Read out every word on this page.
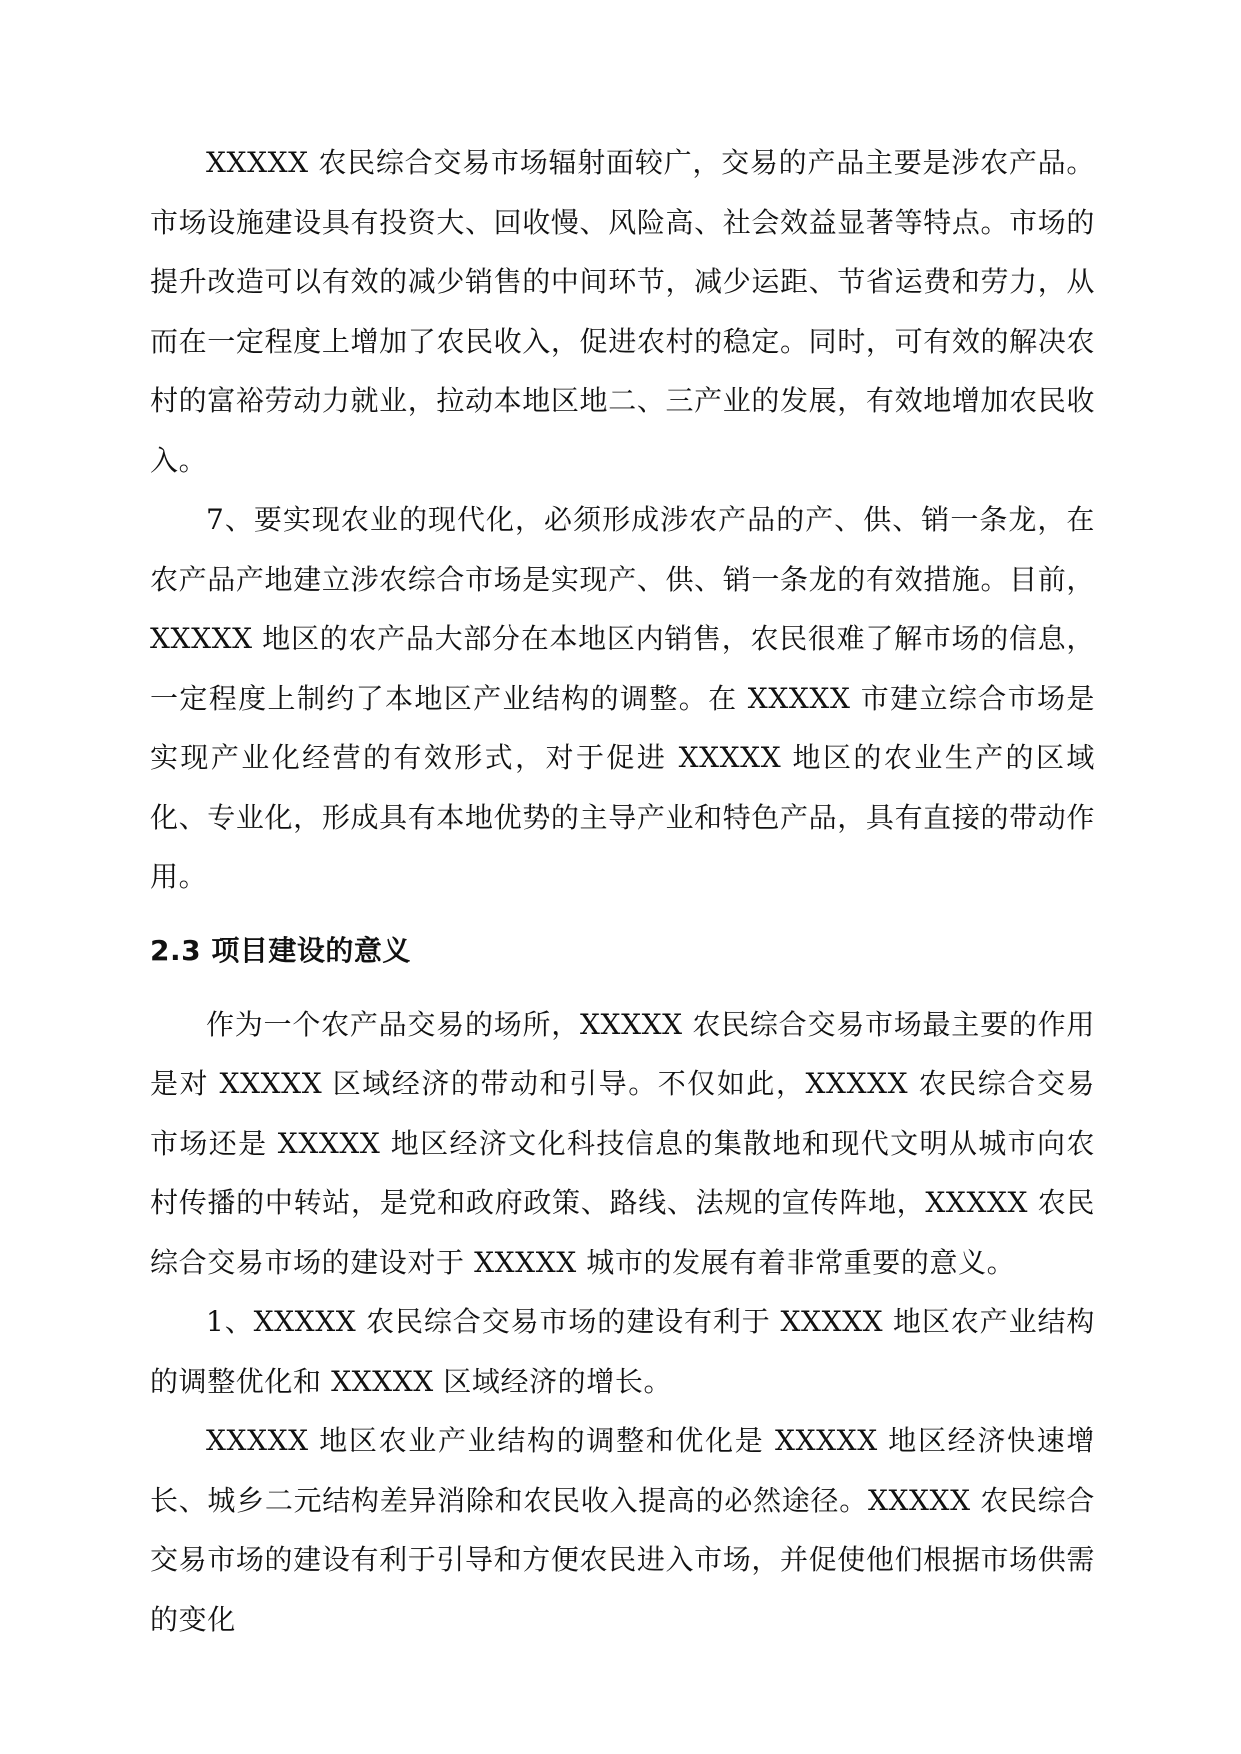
XXXXX 农民综合交易市场辐射面较广，交易的产品主要是涉农产品。市场设施建设具有投资大、回收慢、风险高、社会效益显著等特点。市场的提升改造可以有效的减少销售的中间环节，减少运距、节省运费和劳力，从而在一定程度上增加了农民收入，促进农村的稳定。同时，可有效的解决农村的富裕劳动力就业，拉动本地区地二、三产业的发展，有效地增加农民收入。

7、要实现农业的现代化，必须形成涉农产品的产、供、销一条龙，在农产品产地建立涉农综合市场是实现产、供、销一条龙的有效措施。目前，XXXXX 地区的农产品大部分在本地区内销售，农民很难了解市场的信息，一定程度上制约了本地区产业结构的调整。在 XXXXX 市建立综合市场是实现产业化经营的有效形式，对于促进 XXXXX 地区的农业生产的区域化、专业化，形成具有本地优势的主导产业和特色产品，具有直接的带动作用。

2.3 项目建设的意义

作为一个农产品交易的场所，XXXXX 农民综合交易市场最主要的作用是对 XXXXX 区域经济的带动和引导。不仅如此，XXXXX 农民综合交易市场还是 XXXXX 地区经济文化科技信息的集散地和现代文明从城市向农村传播的中转站，是党和政府政策、路线、法规的宣传阵地，XXXXX 农民综合交易市场的建设对于 XXXXX 城市的发展有着非常重要的意义。

1、XXXXX 农民综合交易市场的建设有利于 XXXXX 地区农产业结构的调整优化和 XXXXX 区域经济的增长。

XXXXX 地区农业产业结构的调整和优化是 XXXXX 地区经济快速增长、城乡二元结构差异消除和农民收入提高的必然途径。XXXXX 农民综合交易市场的建设有利于引导和方便农民进入市场，并促使他们根据市场供需的变化
